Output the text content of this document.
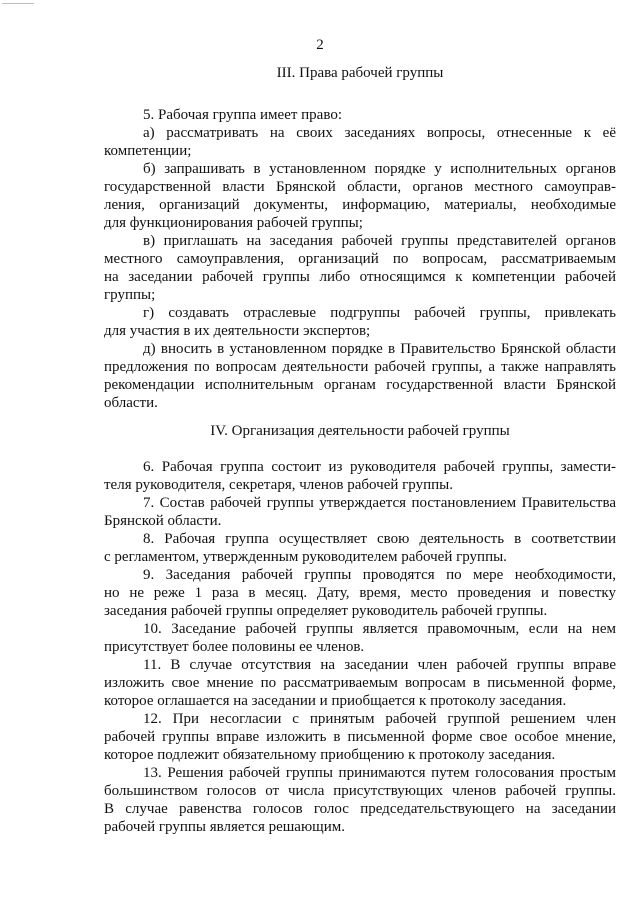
2
III. Права рабочей группы
5. Рабочая группа имеет право:
а) рассматривать на своих заседаниях вопросы, отнесенные к её
компетенции;
б) запрашивать в установленном порядке у исполнительных органов
государственной власти Брянской области, органов местного самоуправ-
ления, организаций документы, информацию, материалы, необходимые
для функционирования рабочей группы;
в) приглашать на заседания рабочей группы представителей органов
местного самоуправления, организаций по вопросам, рассматриваемым
на заседании рабочей группы либо относящимся к компетенции рабочей
группы;
г) создавать отраслевые подгруппы рабочей группы, привлекать
для участия в их деятельности экспертов;
д) вносить в установленном порядке в Правительство Брянской области
предложения по вопросам деятельности рабочей группы, а также направлять
рекомендации исполнительным органам государственной власти Брянской
области.
IV. Организация деятельности рабочей группы
6. Рабочая группа состоит из руководителя рабочей группы, замести-
теля руководителя, секретаря, членов рабочей группы.
7. Состав рабочей группы утверждается постановлением Правительства
Брянской области.
8. Рабочая группа осуществляет свою деятельность в соответствии
с регламентом, утвержденным руководителем рабочей группы.
9. Заседания рабочей группы проводятся по мере необходимости,
но не реже 1 раза в месяц. Дату, время, место проведения и повестку
заседания рабочей группы определяет руководитель рабочей группы.
10. Заседание рабочей группы является правомочным, если на нем
присутствует более половины ее членов.
11. В случае отсутствия на заседании член рабочей группы вправе
изложить свое мнение по рассматриваемым вопросам в письменной форме,
которое оглашается на заседании и приобщается к протоколу заседания.
12. При несогласии с принятым рабочей группой решением член
рабочей группы вправе изложить в письменной форме свое особое мнение,
которое подлежит обязательному приобщению к протоколу заседания.
13. Решения рабочей группы принимаются путем голосования простым
большинством голосов от числа присутствующих членов рабочей группы.
В случае равенства голосов голос председательствующего на заседании
рабочей группы является решающим.
